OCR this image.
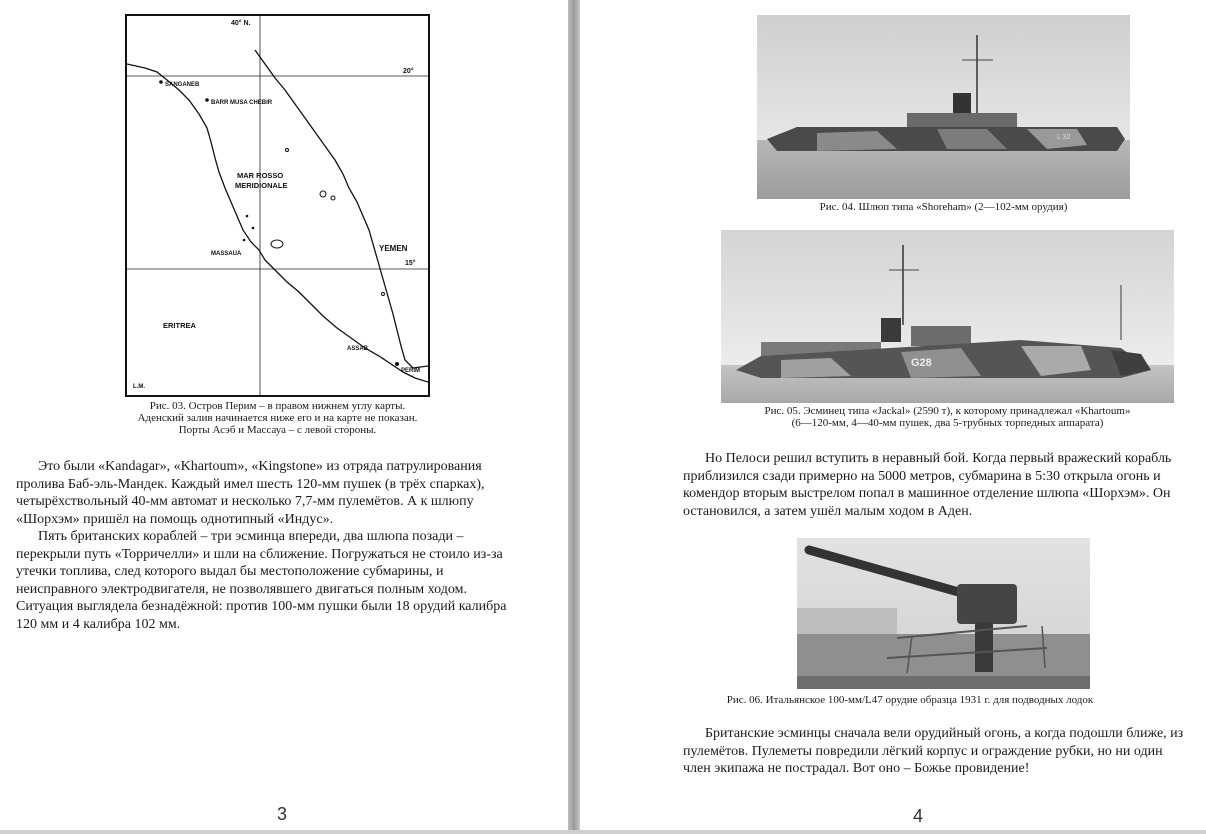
40° N.
20°
15°
SANGANEB
BARR MUSA CHEBIR
MAR ROSSO
MERIDIONALE
MASSAUA
YEMEN
ERITREA
ASSAB
PERIM
L.M.
Рис. 03. Остров Перим – в правом нижнем углу карты.
Аденский залив начинается ниже его и на карте не показан.
Порты Асэб и Массауа – с левой стороны.

Это были «Kandagar», «Khartoum», «Kingstone» из отряда патрулирования пролива Баб-эль-Мандек. Каждый имел шесть 120-мм пушек (в трёх спарках), четырёхствольный 40-мм автомат и несколько 7,7-мм пулемётов. А к шлюпу «Шорхэм» пришёл на помощь однотипный «Индус».

Пять британских кораблей – три эсминца впереди, два шлюпа позади – перекрыли путь «Торричелли» и шли на сближение. Погружаться не стоило из-за утечки топлива, след которого выдал бы местоположение субмарины, и неисправного электродвигателя, не позволявшего двигаться полным ходом. Ситуация выглядела безнадёжной: против 100-мм пушки были 18 орудий калибра 120 мм и 4 калибра 102 мм.

3
L 32
Рис. 04. Шлюп типа «Shoreham» (2—102-мм орудия)
G28
Рис. 05. Эсминец типа «Jackal» (2590 т), к которому принадлежал «Khartoum»
(6—120-мм, 4—40-мм пушек, два 5-трубных торпедных аппарата)

Но Пелоси решил вступить в неравный бой. Когда первый вражеский корабль приблизился сзади примерно на 5000 метров, субмарина в 5:30 открыла огонь и комендор вторым выстрелом попал в машинное отделение шлюпа «Шорхэм». Он остановился, а затем ушёл малым ходом в Аден.

Рис. 06. Итальянское 100-мм/L47 орудие образца 1931 г. для подводных лодок

Британские эсминцы сначала вели орудийный огонь, а когда подошли ближе, из пулемётов. Пулеметы повредили лёгкий корпус и ограждение рубки, но ни один член экипажа не пострадал. Вот оно – Божье провидение!

4
